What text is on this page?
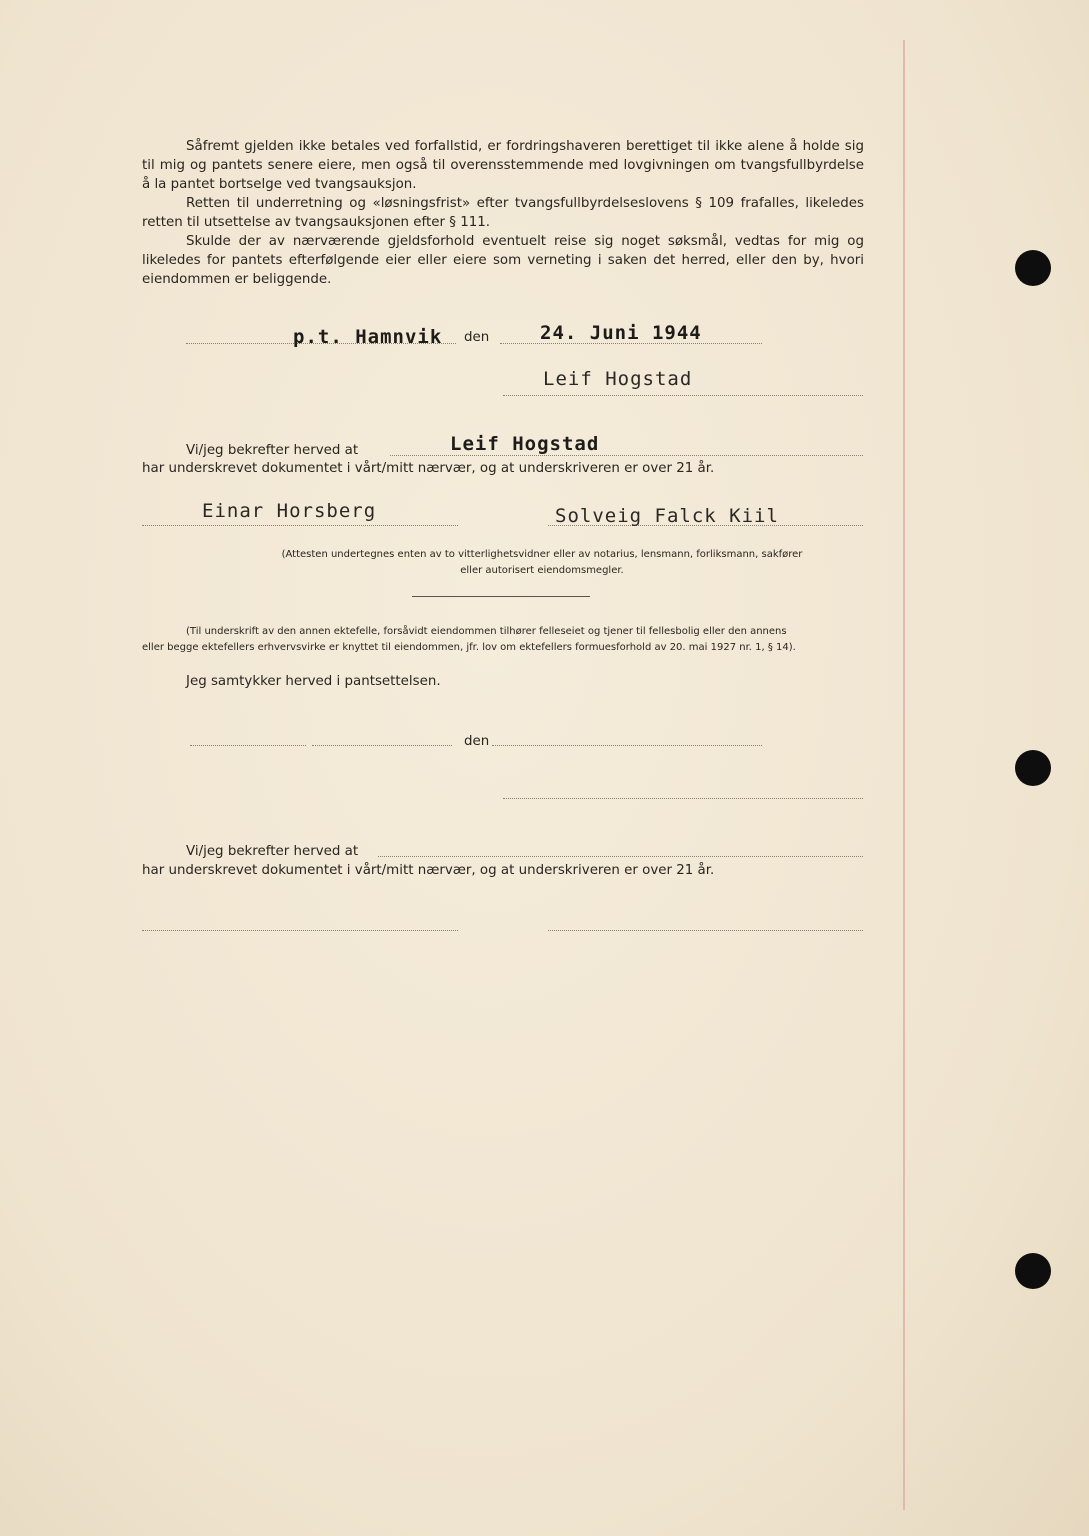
Såfremt gjelden ikke betales ved forfallstid, er fordringshaveren berettiget til ikke alene å holde sig til mig og pantets senere eiere, men også til overensstemmende med lovgivningen om tvangsfullbyrdelse å la pantet bortselge ved tvangsauksjon.

Retten til underretning og «løsningsfrist» efter tvangsfullbyrdelseslovens § 109 frafalles, likeledes retten til utsettelse av tvangsauksjonen efter § 111.

Skulde der av nærværende gjeldsforhold eventuelt reise sig noget søksmål, vedtas for mig og likeledes for pantets efterfølgende eier eller eiere som verneting i saken det herred, eller den by, hvori eiendommen er beliggende.

p.t. Hamnvik den	24. Juni 1944
Leif Hogstad
Vi/jeg bekrefter herved at	Leif Hogstad
har underskrevet dokumentet i vårt/mitt nærvær, og at underskriveren er over 21 år.
Einar Horsberg	Solveig Falck Kiil
(Attesten undertegnes enten av to vitterlighetsvidner eller av notarius, lensmann, forliksmann, sakfører
eller autorisert eiendomsmegler.
(Til underskrift av den annen ektefelle, forsåvidt eiendommen tilhører felleseiet og tjener til fellesbolig eller den annens
eller begge ektefellers erhvervsvirke er knyttet til eiendommen, jfr. lov om ektefellers formuesforhold av 20. mai 1927 nr. 1, § 14).
Jeg samtykker herved i pantsettelsen.
den
Vi/jeg bekrefter herved at
har underskrevet dokumentet i vårt/mitt nærvær, og at underskriveren er over 21 år.
